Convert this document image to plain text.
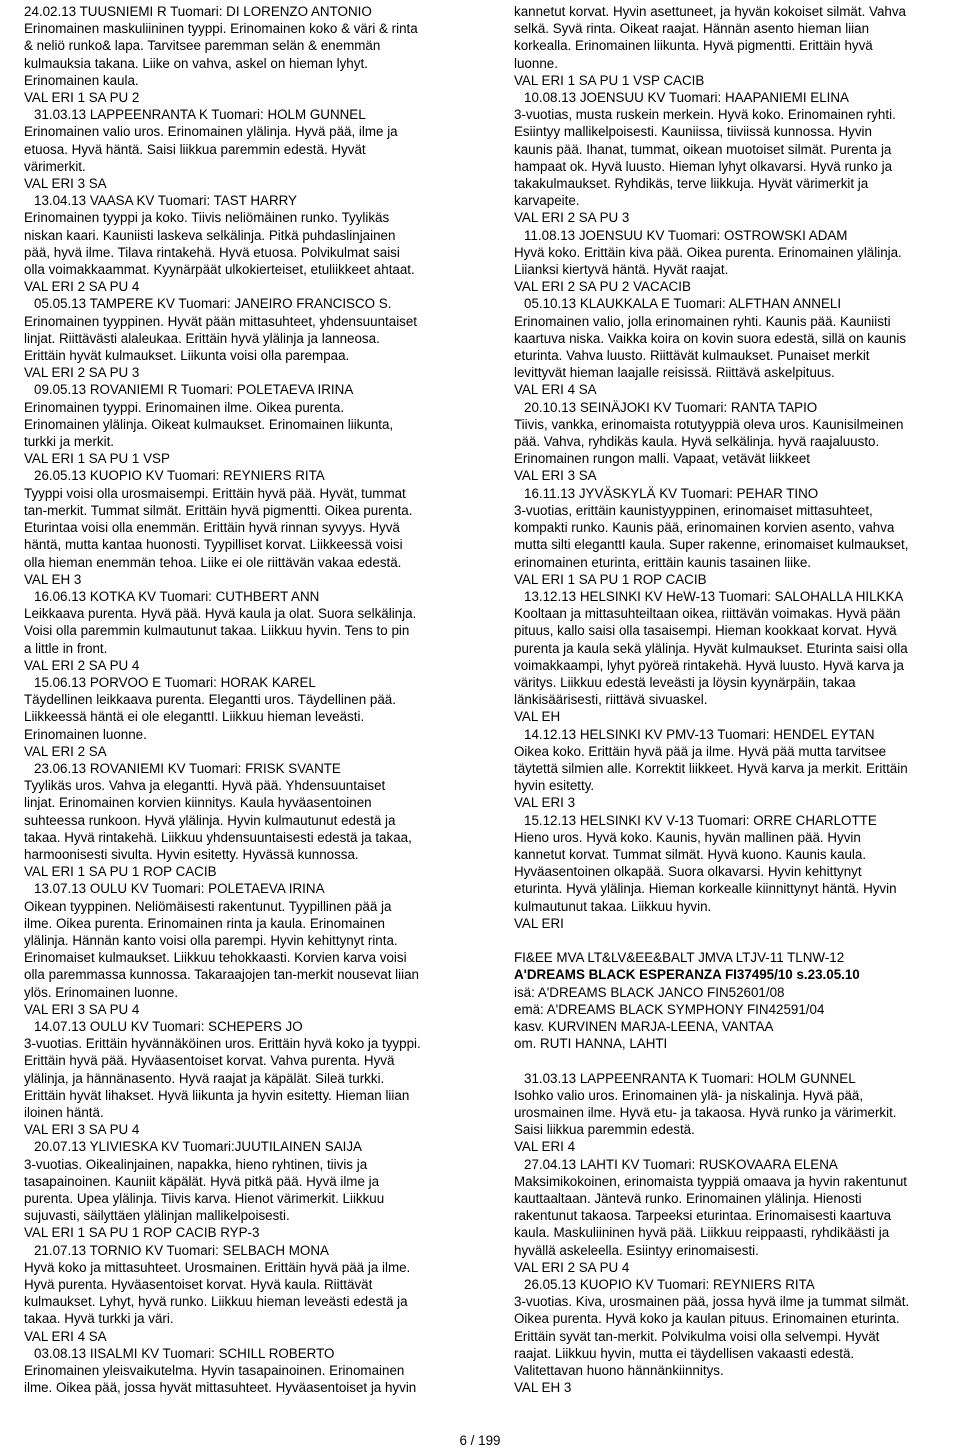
24.02.13 TUUSNIEMI R Tuomari: DI LORENZO ANTONIO
Erinomainen maskuliininen tyyppi. Erinomainen koko & väri & rinta
& neliö runko& lapa. Tarvitsee paremman selän & enemmän
kulmauksia takana. Liike on vahva, askel on hieman lyhyt.
Erinomainen kaula.
VAL ERI 1 SA PU 2
31.03.13 LAPPEENRANTA K Tuomari: HOLM GUNNEL
Erinomainen valio uros. Erinomainen ylälinja. Hyvä pää, ilme ja
etuosa. Hyvä häntä. Saisi liikkua paremmin edestä. Hyvät
värimerkit.
VAL ERI 3 SA
13.04.13 VAASA KV Tuomari: TAST HARRY
Erinomainen tyyppi ja koko. Tiivis neliömäinen runko. Tyylikäs
niskan kaari. Kauniisti laskeva selkälinja. Pitkä puhdaslinjainen
pää, hyvä ilme. Tilava rintakehä. Hyvä etuosa. Polvikulmat saisi
olla voimakkaammat. Kyynärpäät ulkokierteiset, etuliikkeet ahtaat.
VAL ERI 2 SA PU 4
05.05.13 TAMPERE KV Tuomari: JANEIRO FRANCISCO S.
Erinomainen tyyppinen. Hyvät pään mittasuhteet, yhdensuuntaiset
linjat. Riittävästi alaleukaa. Erittäin hyvä ylälinja ja lanneosa.
Erittäin hyvät kulmaukset. Liikunta voisi olla parempaa.
VAL ERI 2 SA PU 3
09.05.13 ROVANIEMI R Tuomari: POLETAEVA IRINA
Erinomainen tyyppi. Erinomainen ilme. Oikea purenta.
Erinomainen ylälinja. Oikeat kulmaukset. Erinomainen liikunta,
turkki ja merkit.
VAL ERI 1 SA PU 1 VSP
26.05.13 KUOPIO KV Tuomari: REYNIERS RITA
Tyyppi voisi olla urosmaisempi. Erittäin hyvä pää. Hyvät, tummat
tan-merkit. Tummat silmät. Erittäin hyvä pigmentti. Oikea purenta.
Eturintaa voisi olla enemmän. Erittäin hyvä rinnan syvyys. Hyvä
häntä, mutta kantaa huonosti. Tyypilliset korvat. Liikkeessä voisi
olla hieman enemmän tehoa. Liike ei ole riittävän vakaa edestä.
VAL EH 3
16.06.13 KOTKA KV Tuomari: CUTHBERT ANN
Leikkaava purenta. Hyvä pää. Hyvä kaula ja olat. Suora selkälinja.
Voisi olla paremmin kulmautunut takaa. Liikkuu hyvin. Tens to pin
a little in front.
VAL ERI 2 SA PU 4
15.06.13 PORVOO E Tuomari: HORAK KAREL
Täydellinen leikkaava purenta. Elegantti uros. Täydellinen pää.
Liikkeessä häntä ei ole eleganttI. Liikkuu hieman leveästi.
Erinomainen luonne.
VAL ERI 2 SA
23.06.13 ROVANIEMI KV Tuomari: FRISK SVANTE
Tyylikäs uros. Vahva ja elegantti. Hyvä pää. Yhdensuuntaiset
linjat. Erinomainen korvien kiinnitys. Kaula hyväasentoinen
suhteessa runkoon. Hyvä ylälinja. Hyvin kulmautunut edestä ja
takaa. Hyvä rintakehä. Liikkuu yhdensuuntaisesti edestä ja takaa,
harmoonisesti sivulta. Hyvin esitetty. Hyvässä kunnossa.
VAL ERI 1 SA PU 1 ROP CACIB
13.07.13 OULU KV Tuomari: POLETAEVA IRINA
Oikean tyyppinen. Neliömäisesti rakentunut. Tyypillinen pää ja
ilme. Oikea purenta. Erinomainen rinta ja kaula. Erinomainen
ylälinja. Hännän kanto voisi olla parempi. Hyvin kehittynyt rinta.
Erinomaiset kulmaukset. Liikkuu tehokkaasti. Korvien karva voisi
olla paremmassa kunnossa. Takaraajojen tan-merkit nousevat liian
ylös. Erinomainen luonne.
VAL ERI 3 SA PU 4
14.07.13 OULU KV Tuomari: SCHEPERS JO
3-vuotias. Erittäin hyvännäköinen uros. Erittäin hyvä koko ja tyyppi.
Erittäin hyvä pää. Hyväasentoiset korvat. Vahva purenta. Hyvä
ylälinja, ja hännänasento. Hyvä raajat ja käpälät. Sileä turkki.
Erittäin hyvät lihakset. Hyvä liikunta ja hyvin esitetty. Hieman liian
iloinen häntä.
VAL ERI 3 SA PU 4
20.07.13 YLIVIESKA KV Tuomari:JUUTILAINEN SAIJA
3-vuotias. Oikealinjainen, napakka, hieno ryhtinen, tiivis ja
tasapainoinen. Kauniit käpälät. Hyvä pitkä pää. Hyvä ilme ja
purenta. Upea ylälinja. Tiivis karva. Hienot värimerkit. Liikkuu
sujuvasti, säilyttäen ylälinjan mallikelpoisesti.
VAL ERI 1 SA PU 1 ROP CACIB RYP-3
21.07.13 TORNIO KV Tuomari: SELBACH MONA
Hyvä koko ja mittasuhteet. Urosmainen. Erittäin hyvä pää ja ilme.
Hyvä purenta. Hyväasentoiset korvat. Hyvä kaula. Riittävät
kulmaukset. Lyhyt, hyvä runko. Liikkuu hieman leveästi edestä ja
takaa. Hyvä turkki ja väri.
VAL ERI 4 SA
03.08.13 IISALMI KV Tuomari: SCHILL ROBERTO
Erinomainen yleisvaikutelma. Hyvin tasapainoinen. Erinomainen
ilme. Oikea pää, jossa hyvät mittasuhteet. Hyväasentoiset ja hyvin
kannetut korvat. Hyvin asettuneet, ja hyvän kokoiset silmät. Vahva
selkä. Syvä rinta. Oikeat raajat. Hännän asento hieman liian
korkealla. Erinomainen liikunta. Hyvä pigmentti. Erittäin hyvä
luonne.
VAL ERI 1 SA PU 1 VSP CACIB
10.08.13 JOENSUU KV Tuomari: HAAPANIEMI ELINA
3-vuotias, musta ruskein merkein. Hyvä koko. Erinomainen ryhti.
Esiintyy mallikelpoisesti. Kauniissa, tiiviissä kunnossa. Hyvin
kaunis pää. Ihanat, tummat, oikean muotoiset silmät. Purenta ja
hampaat ok. Hyvä luusto. Hieman lyhyt olkavarsi. Hyvä runko ja
takakulmaukset. Ryhdikäs, terve liikkuja. Hyvät värimerkit ja
karvapeite.
VAL ERI 2 SA PU 3
11.08.13 JOENSUU KV Tuomari: OSTROWSKI ADAM
Hyvä koko. Erittäin kiva pää. Oikea purenta. Erinomainen ylälinja.
Liianksi kiertyvä häntä. Hyvät raajat.
VAL ERI 2 SA PU 2 VACACIB
05.10.13 KLAUKKALA E Tuomari: ALFTHAN ANNELI
Erinomainen valio, jolla erinomainen ryhti. Kaunis pää. Kauniisti
kaartuva niska. Vaikka koira on kovin suora edestä, sillä on kaunis
eturinta. Vahva luusto. Riittävät kulmaukset. Punaiset merkit
levittyvät hieman laajalle reisissä. Riittävä askelpituus.
VAL ERI 4 SA
20.10.13 SEINÄJOKI KV Tuomari: RANTA TAPIO
Tiivis, vankka, erinomaista rotutyyppiä oleva uros. Kaunisilmeinen
pää. Vahva, ryhdikäs kaula. Hyvä selkälinja. hyvä raajaluusto.
Erinomainen rungon malli. Vapaat, vetävät liikkeet
VAL ERI 3 SA
16.11.13 JYVÄSKYLÄ KV Tuomari: PEHAR TINO
3-vuotias, erittäin kaunistyyppinen, erinomaiset mittasuhteet,
kompakti runko. Kaunis pää, erinomainen korvien asento, vahva
mutta silti eleganttI kaula. Super rakenne, erinomaiset kulmaukset,
erinomainen eturinta, erittäin kaunis tasainen liike.
VAL ERI 1 SA PU 1 ROP CACIB
13.12.13 HELSINKI KV HeW-13 Tuomari: SALOHALLA HILKKA
Kooltaan ja mittasuhteiltaan oikea, riittävän voimakas. Hyvä pään
pituus, kallo saisi olla tasaisempi. Hieman kookkaat korvat. Hyvä
purenta ja kaula sekä ylälinja. Hyvät kulmaukset. Eturinta saisi olla
voimakkaampi, lyhyt pyöreä rintakehä. Hyvä luusto. Hyvä karva ja
väritys. Liikkuu edestä leveästi ja löysin kyynärpäin, takaa
länkisäärisesti, riittävä sivuaskel.
VAL EH
14.12.13 HELSINKI KV PMV-13 Tuomari: HENDEL EYTAN
Oikea koko. Erittäin hyvä pää ja ilme. Hyvä pää mutta tarvitsee
täytettä silmien alle. Korrektit liikkeet. Hyvä karva ja merkit. Erittäin
hyvin esitetty.
VAL ERI 3
15.12.13 HELSINKI KV V-13 Tuomari: ORRE CHARLOTTE
Hieno uros. Hyvä koko. Kaunis, hyvän mallinen pää. Hyvin
kannetut korvat. Tummat silmät. Hyvä kuono. Kaunis kaula.
Hyväasentoinen olkapää. Suora olkavarsi. Hyvin kehittynyt
eturinta. Hyvä ylälinja. Hieman korkealle kiinnittynyt häntä. Hyvin
kulmautunut takaa. Liikkuu hyvin.
VAL ERI
FI&EE MVA LT&LV&EE&BALT JMVA LTJV-11 TLNW-12
A'DREAMS BLACK ESPERANZA FI37495/10 s.23.05.10
isä: A'DREAMS BLACK JANCO FIN52601/08
emä: A'DREAMS BLACK SYMPHONY FIN42591/04
kasv. KURVINEN MARJA-LEENA, VANTAA
om. RUTI HANNA, LAHTI
31.03.13 LAPPEENRANTA K Tuomari: HOLM GUNNEL
Isohko valio uros. Erinomainen ylä- ja niskalinja. Hyvä pää,
urosmainen ilme. Hyvä etu- ja takaosa. Hyvä runko ja värimerkit.
Saisi liikkua paremmin edestä.
VAL ERI 4
27.04.13 LAHTI KV Tuomari: RUSKOVAARA ELENA
Maksimikokoinen, erinomaista tyyppiä omaava ja hyvin rakentunut
kauttaaltaan. Jäntevä runko. Erinomainen ylälinja. Hienosti
rakentunut takaosa. Tarpeeksi eturintaa. Erinomaisesti kaartuva
kaula. Maskuliininen hyvä pää. Liikkuu reippaasti, ryhdikäästi ja
hyvällä askeleella. Esiintyy erinomaisesti.
VAL ERI 2 SA PU 4
26.05.13 KUOPIO KV Tuomari: REYNIERS RITA
3-vuotias. Kiva, urosmainen pää, jossa hyvä ilme ja tummat silmät.
Oikea purenta. Hyvä koko ja kaulan pituus. Erinomainen eturinta.
Erittäin syvät tan-merkit. Polvikulma voisi olla selvempi. Hyvät
raajat. Liikkuu hyvin, mutta ei täydellisen vakaasti edestä.
Valitettavan huono hännänkiinnitys.
VAL EH 3
6 / 199
